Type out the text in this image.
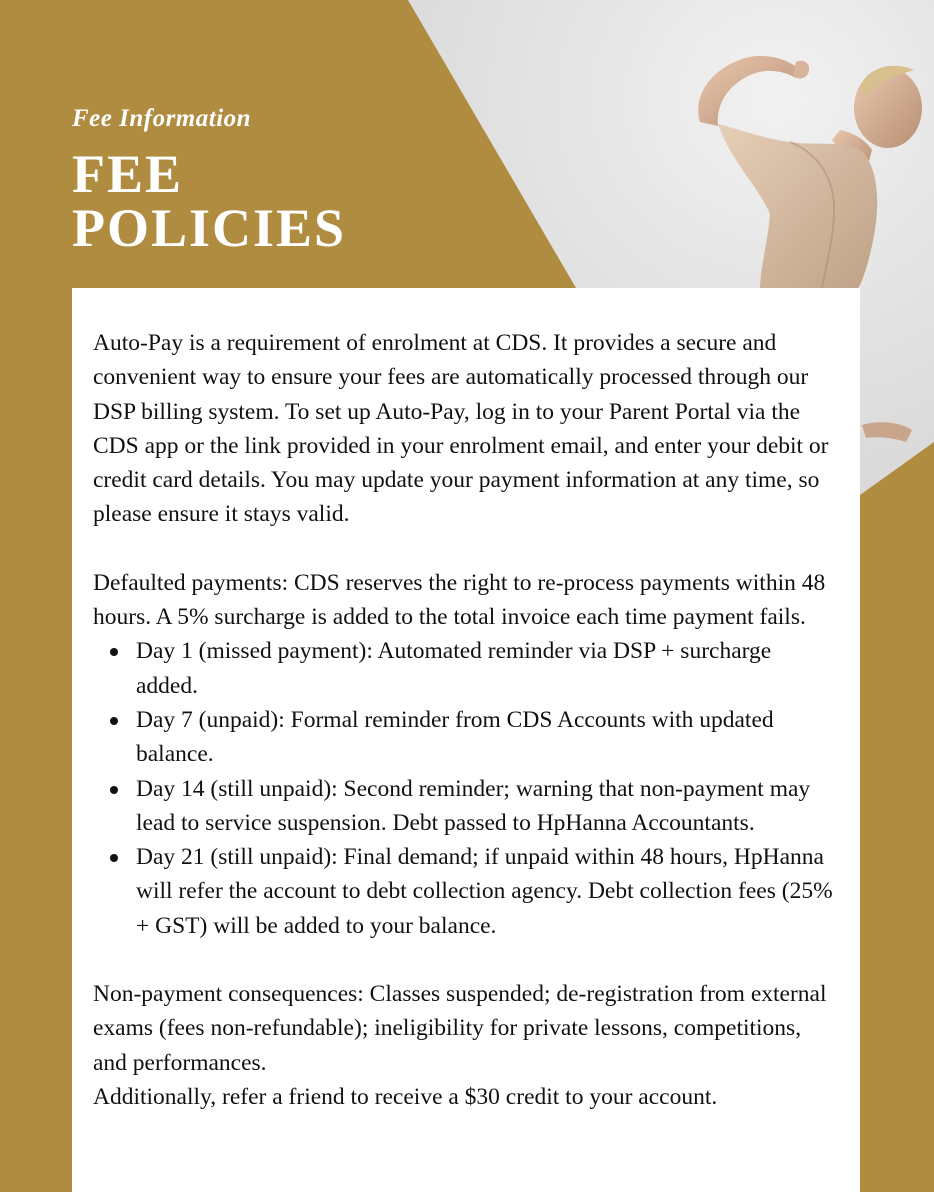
Fee Information
FEE
POLICIES

Auto-Pay is a requirement of enrolment at CDS. It provides a secure and convenient way to ensure your fees are automatically processed through our DSP billing system. To set up Auto-Pay, log in to your Parent Portal via the CDS app or the link provided in your enrolment email, and enter your debit or credit card details. You may update your payment information at any time, so please ensure it stays valid.

Defaulted payments: CDS reserves the right to re-process payments within 48 hours. A 5% surcharge is added to the total invoice each time payment fails.

Day 1 (missed payment): Automated reminder via DSP + surcharge added.
Day 7 (unpaid): Formal reminder from CDS Accounts with updated balance.
Day 14 (still unpaid): Second reminder; warning that non-payment may lead to service suspension. Debt passed to HpHanna Accountants.
Day 21 (still unpaid): Final demand; if unpaid within 48 hours, HpHanna will refer the account to debt collection agency. Debt collection fees (25% + GST) will be added to your balance.

Non-payment consequences: Classes suspended; de-registration from external exams (fees non-refundable); ineligibility for private lessons, competitions, and performances.

Additionally, refer a friend to receive a $30 credit to your account.
